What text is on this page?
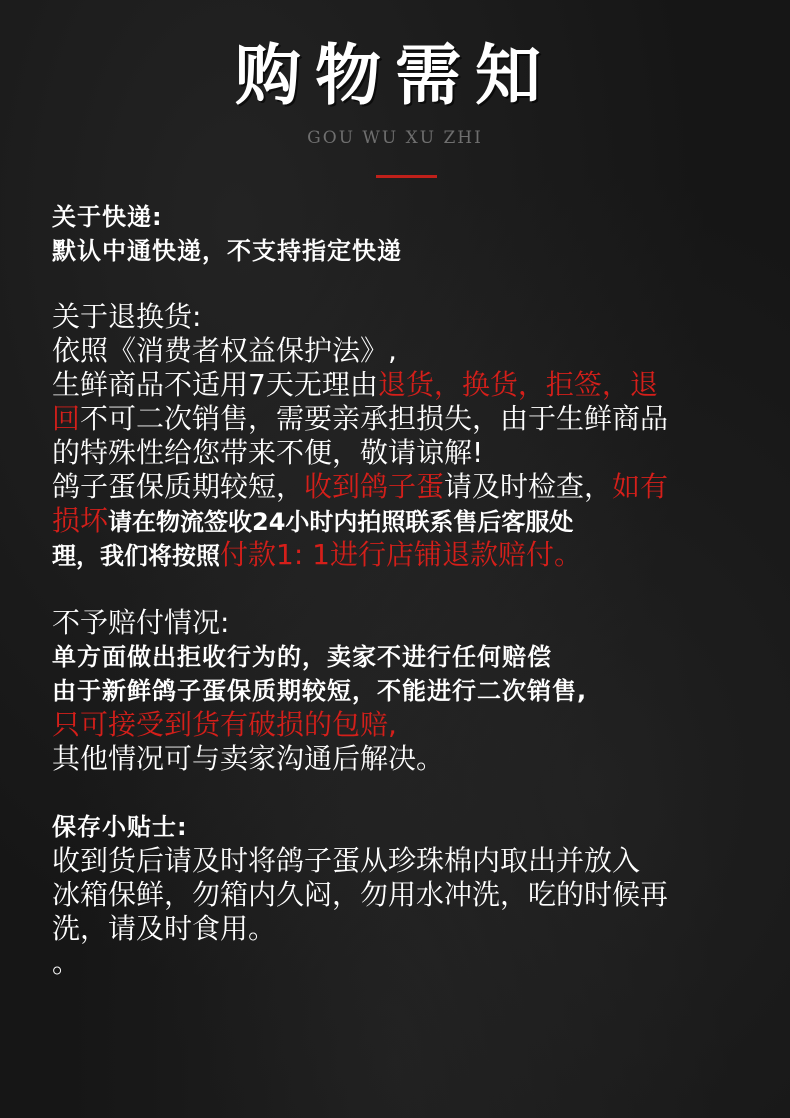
购物需知
GOU WU XU ZHI
关于快递:
默认中通快递，不支持指定快递
关于退换货:
依照《消费者权益保护法》,
生鲜商品不适用7天无理由退货，换货，拒签，退
回不可二次销售，需要亲承担损失，由于生鲜商品
的特殊性给您带来不便，敬请谅解!
鸽子蛋保质期较短，收到鸽子蛋请及时检查，如有
损坏请在物流签收24小时内拍照联系售后客服处
理，我们将按照付款1: 1进行店铺退款赔付。
不予赔付情况:
单方面做出拒收行为的，卖家不进行任何赔偿
由于新鲜鸽子蛋保质期较短，不能进行二次销售,
只可接受到货有破损的包赔,
其他情况可与卖家沟通后解决。
保存小贴士:
收到货后请及时将鸽子蛋从珍珠棉内取出并放入
冰箱保鲜，勿箱内久闷，勿用水冲洗，吃的时候再
洗，请及时食用。
。
